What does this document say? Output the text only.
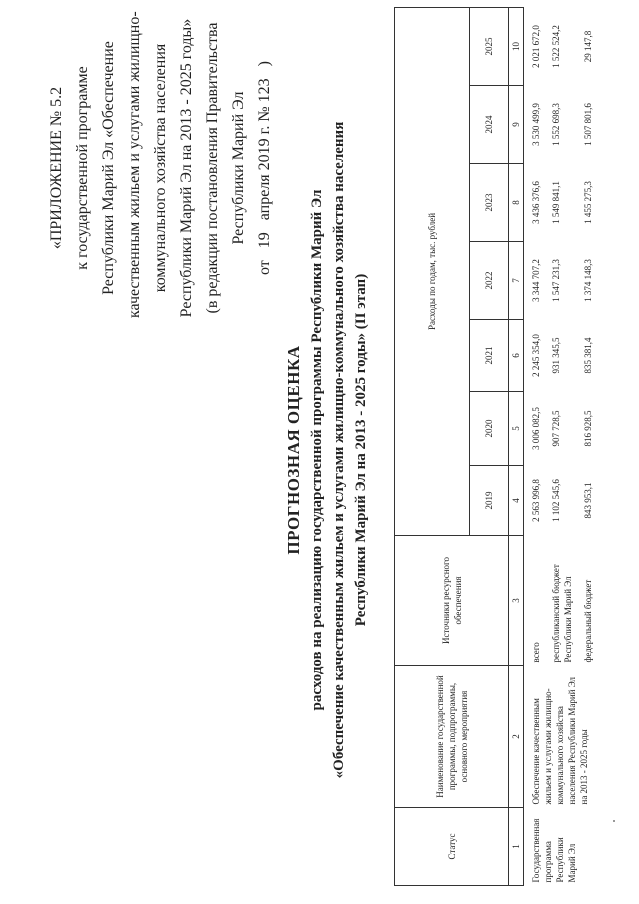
«ПРИЛОЖЕНИЕ № 5.2 к государственной программе Республики Марий Эл «Обеспечение качественным жильем и услугами жилищно- коммунального хозяйства населения Республики Марий Эл на 2013 - 2025 годы» (в редакции постановления Правительства Республики Марий Эл
от   19   апреля 2019 г. № 123   )
ПРОГНОЗНАЯ ОЦЕНКА расходов на реализацию государственной программы Республики Марий Эл «Обеспечение качественным жильем и услугами жилищно-коммунального хозяйства населения Республики Марий Эл на 2013 - 2025 годы» (II этап)
Статус	Наименование государственной программы, подпрограммы, основного мероприятия	Источники ресурсного обеспечения	Расходы по годам, тыс. рублей						
			2019	2020	2021	2022	2023	2024	2025
1	2	3	4	5	6	7	8	9	10
Государственная программа Республики Марий Эл	Обеспечение качественным жильем и услугами жилищно-коммунального хозяйства населения Республики Марий Эл на 2013 - 2025 годы	всего	2 563 996,8	3 006 082,5	2 245 354,0	3 344 707,2	3 436 376,6	3 530 499,9	2 021 672,0
		республиканский бюджет Республики Марий Эл	1 102 545,6	907 728,5	931 345,5	1 547 231,3	1 549 841,1	1 552 698,3	1 522 524,2
		федеральный бюджет	843 953,1	816 928,5	835 381,4	1 374 148,3	1 455 275,3	1 507 801,6	29 147,8
